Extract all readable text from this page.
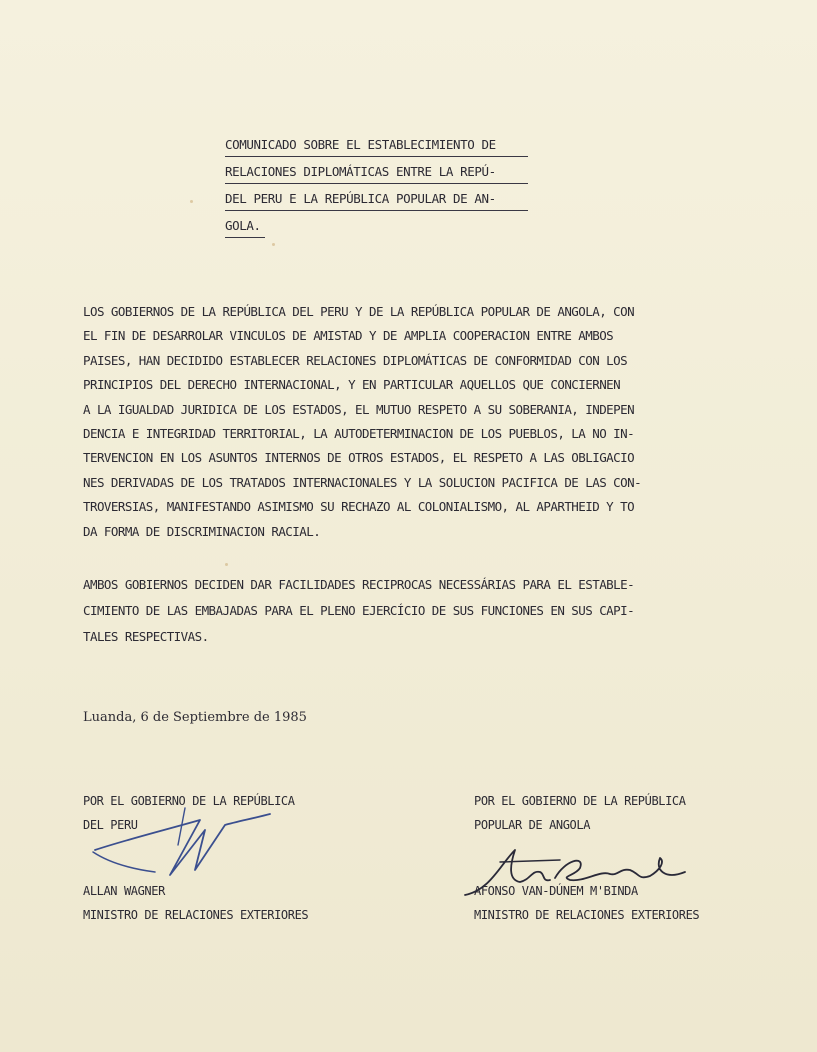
COMUNICADO SOBRE EL ESTABLECIMIENTO DE
RELACIONES DIPLOMÁTICAS ENTRE LA REPÚ-
DEL PERU E LA REPÚBLICA POPULAR DE AN-
GOLA.
LOS GOBIERNOS DE LA REPÚBLICA DEL PERU Y DE LA REPÚBLICA POPULAR DE ANGOLA, CON
EL FIN DE DESARROLAR VINCULOS DE AMISTAD Y DE AMPLIA COOPERACION ENTRE AMBOS
PAISES, HAN DECIDIDO ESTABLECER RELACIONES DIPLOMÁTICAS DE CONFORMIDAD CON LOS
PRINCIPIOS DEL DERECHO INTERNACIONAL, Y EN PARTICULAR AQUELLOS QUE CONCIERNEN
A LA IGUALDAD JURIDICA DE LOS ESTADOS, EL MUTUO RESPETO A SU SOBERANIA, INDEPEN
DENCIA E INTEGRIDAD TERRITORIAL, LA AUTODETERMINACION DE LOS PUEBLOS, LA NO IN-
TERVENCION EN LOS ASUNTOS INTERNOS DE OTROS ESTADOS, EL RESPETO A LAS OBLIGACIO
NES DERIVADAS DE LOS TRATADOS INTERNACIONALES Y LA SOLUCION PACIFICA DE LAS CON-
TROVERSIAS, MANIFESTANDO ASIMISMO SU RECHAZO AL COLONIALISMO, AL APARTHEID Y TO
DA FORMA DE DISCRIMINACION RACIAL.
AMBOS GOBIERNOS DECIDEN DAR FACILIDADES RECIPROCAS NECESSÁRIAS PARA EL ESTABLE-
CIMIENTO DE LAS EMBAJADAS PARA EL PLENO EJERCÍCIO DE SUS FUNCIONES EN SUS CAPI-
TALES RESPECTIVAS.
Luanda, 6 de Septiembre de 1985
POR EL GOBIERNO DE LA REPÚBLICA
DEL PERU
ALLAN WAGNER
MINISTRO DE RELACIONES EXTERIORES
POR EL GOBIERNO DE LA REPÚBLICA
POPULAR DE ANGOLA
AFONSO VAN-DÚNEM M'BINDA
MINISTRO DE RELACIONES EXTERIORES
